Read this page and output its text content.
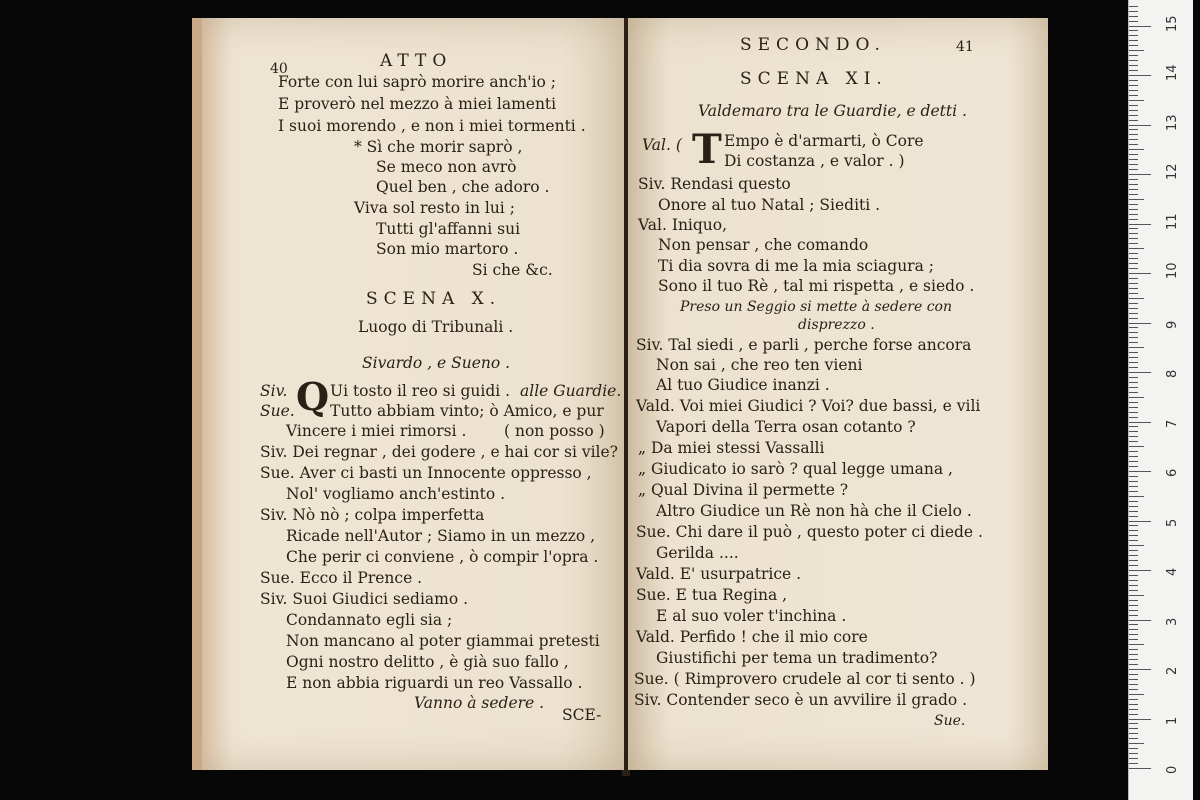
40	ATTO
Forte con lui saprò morire anch'io ;
E proverò nel mezzo à miei lamenti
I suoi morendo , e non i miei tormenti .
* Sì che morir saprò ,
Se meco non avrò
Quel ben , che adoro .
Viva sol resto in lui ;
Tutti gl'affanni sui
Son mio martoro .
Si che &c.
SCENA X.
Luogo di Tribunali .
Sivardo , e Sueno .
Siv. Q Ui tosto il reo si guidi . alle Guardie.
Sue. Tutto abbiam vinto; ò Amico, e pur
Vincere i miei rimorsi . ( non posso )
Siv. Dei regnar , dei godere , e hai cor si vile?
Sue. Aver ci basti un Innocente oppresso ,
Nol' vogliamo anch'estinto .
Siv. Nò nò ; colpa imperfetta
Ricade nell'Autor ; Siamo in un mezzo ,
Che perir ci conviene , ò compir l'opra .
Sue. Ecco il Prence .
Siv. Suoi Giudici sediamo .
Condannato egli sia ;
Non mancano al poter giammai pretesti
Ogni nostro delitto , è già suo fallo ,
E non abbia riguardi un reo Vassallo .
Vanno à sedere .
SCE-
SECONDO.	41
SCENA XI.
Valdemaro tra le Guardie, e detti .
Val. ( T Empo è d'armarti, ò Core
Di costanza , e valor . )
Siv. Rendasi questo
Onore al tuo Natal ; Siediti .
Val. Iniquo,
Non pensar , che comando
Ti dia sovra di me la mia sciagura ;
Sono il tuo Rè , tal mi rispetta , e siedo .
Preso un Seggio si mette à sedere con
disprezzo .
Siv. Tal siedi , e parli , perche forse ancora
Non sai , che reo ten vieni
Al tuo Giudice inanzi .
Vald. Voi miei Giudici ? Voi? due bassi, e vili
Vapori della Terra osan cotanto ?
„ Da miei stessi Vassalli
„ Giudicato io sarò ? qual legge umana ,
„ Qual Divina il permette ?
Altro Giudice un Rè non hà che il Cielo .
Sue. Chi dare il può , questo poter ci diede .
Gerilda ....
Vald. E' usurpatrice .
Sue. E tua Regina ,
E al suo voler t'inchina .
Vald. Perfido ! che il mio core
Giustifichi per tema un tradimento?
Sue. ( Rimprovero crudele al cor ti sento . )
Siv. Contender seco è un avvilire il grado .
Sue.
0
1
2
3
4
5
6
7
8
9
10
11
12
13
14
15
